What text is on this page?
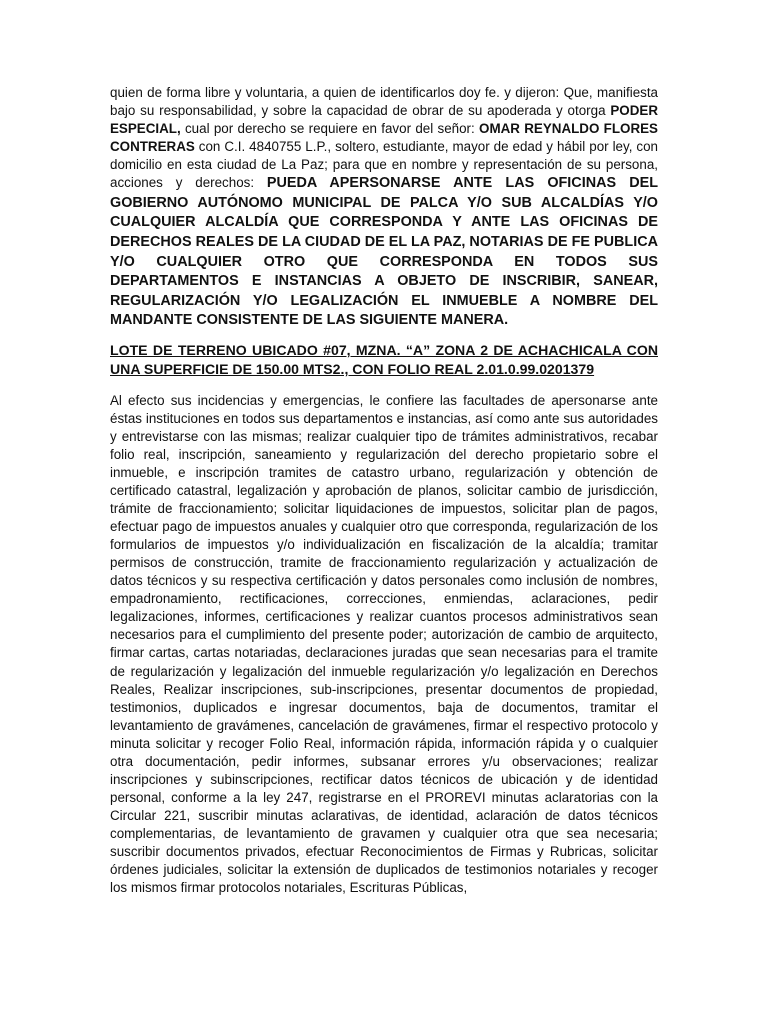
quien de forma libre y voluntaria, a quien de identificarlos doy fe. y dijeron: Que, manifiesta bajo su responsabilidad, y sobre la capacidad de obrar de su apoderada y otorga PODER ESPECIAL, cual por derecho se requiere en favor del señor: OMAR REYNALDO FLORES CONTRERAS con C.I. 4840755 L.P., soltero, estudiante, mayor de edad y hábil por ley, con domicilio en esta ciudad de La Paz; para que en nombre y representación de su persona, acciones y derechos: PUEDA APERSONARSE ANTE LAS OFICINAS DEL GOBIERNO AUTÓNOMO MUNICIPAL DE PALCA Y/O SUB ALCALDÍAS Y/O CUALQUIER ALCALDÍA QUE CORRESPONDA Y ANTE LAS OFICINAS DE DERECHOS REALES DE LA CIUDAD DE EL LA PAZ, NOTARIAS DE FE PUBLICA Y/O CUALQUIER OTRO QUE CORRESPONDA EN TODOS SUS DEPARTAMENTOS E INSTANCIAS A OBJETO DE INSCRIBIR, SANEAR, REGULARIZACIÓN Y/O LEGALIZACIÓN EL INMUEBLE A NOMBRE DEL MANDANTE CONSISTENTE DE LAS SIGUIENTE MANERA.

LOTE DE TERRENO UBICADO #07, MZNA. “A” ZONA 2 DE ACHACHICALA CON UNA SUPERFICIE DE 150.00 MTS2., CON FOLIO REAL 2.01.0.99.0201379

Al efecto sus incidencias y emergencias, le confiere las facultades de apersonarse ante éstas instituciones en todos sus departamentos e instancias, así como ante sus autoridades y entrevistarse con las mismas; realizar cualquier tipo de trámites administrativos, recabar folio real, inscripción, saneamiento y regularización del derecho propietario sobre el inmueble, e inscripción tramites de catastro urbano, regularización y obtención de certificado catastral, legalización y aprobación de planos, solicitar cambio de jurisdicción, trámite de fraccionamiento; solicitar liquidaciones de impuestos, solicitar plan de pagos, efectuar pago de impuestos anuales y cualquier otro que corresponda, regularización de los formularios de impuestos y/o individualización en fiscalización de la alcaldía; tramitar permisos de construcción, tramite de fraccionamiento regularización y actualización de datos técnicos y su respectiva certificación y datos personales como inclusión de nombres, empadronamiento, rectificaciones, correcciones, enmiendas, aclaraciones, pedir legalizaciones, informes, certificaciones y realizar cuantos procesos administrativos sean necesarios para el cumplimiento del presente poder; autorización de cambio de arquitecto, firmar cartas, cartas notariadas, declaraciones juradas que sean necesarias para el tramite de regularización y legalización del inmueble regularización y/o legalización en Derechos Reales, Realizar inscripciones, sub-inscripciones, presentar documentos de propiedad, testimonios, duplicados e ingresar documentos, baja de documentos, tramitar el levantamiento de gravámenes, cancelación de gravámenes, firmar el respectivo protocolo y minuta solicitar y recoger Folio Real, información rápida, información rápida y o cualquier otra documentación, pedir informes, subsanar errores y/u observaciones; realizar inscripciones y subinscripciones, rectificar datos técnicos de ubicación y de identidad personal, conforme a la ley 247, registrarse en el PROREVI minutas aclaratorias con la Circular 221, suscribir minutas aclarativas, de identidad, aclaración de datos técnicos complementarias, de levantamiento de gravamen y cualquier otra que sea necesaria; suscribir documentos privados, efectuar Reconocimientos de Firmas y Rubricas, solicitar órdenes judiciales, solicitar la extensión de duplicados de testimonios notariales y recoger los mismos firmar protocolos notariales, Escrituras Públicas,
